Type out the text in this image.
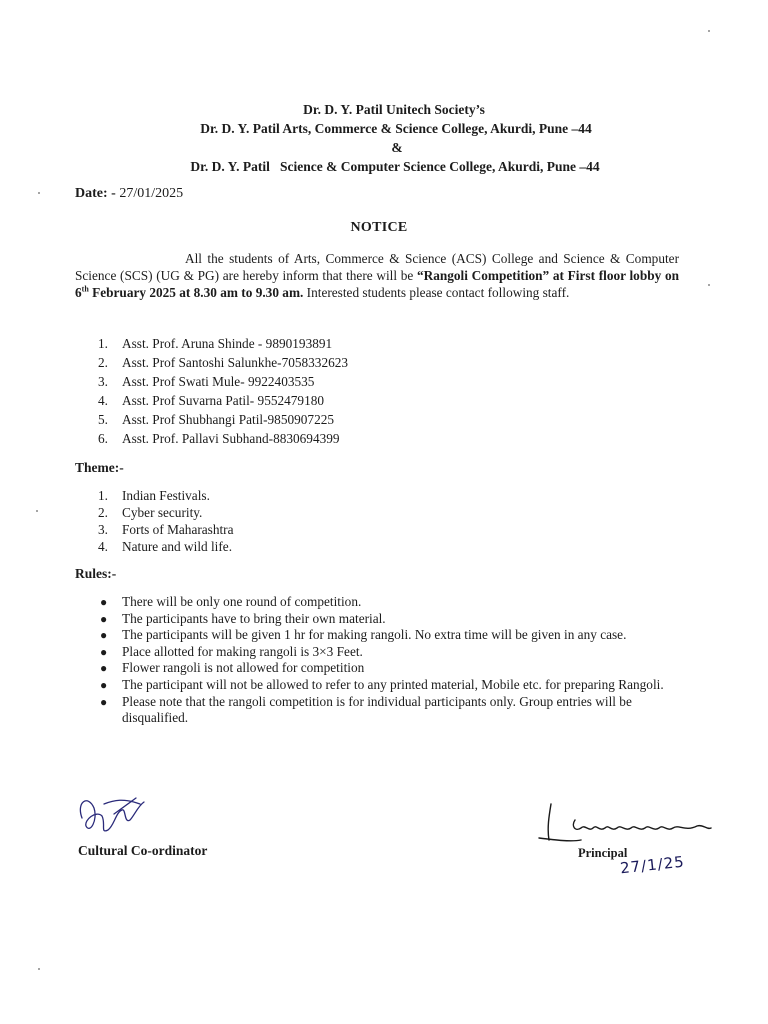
Dr. D. Y. Patil Unitech Society’s
Dr. D. Y. Patil Arts, Commerce & Science College, Akurdi, Pune –44
&
Dr. D. Y. Patil   Science & Computer Science College, Akurdi, Pune –44
Date: - 27/01/2025
NOTICE
All the students of Arts, Commerce & Science (ACS) College and Science & Computer Science (SCS) (UG & PG) are hereby inform that there will be “Rangoli Competition” at First floor lobby on 6th February 2025 at 8.30 am to 9.30 am. Interested students please contact following staff.
1. Asst. Prof. Aruna Shinde - 9890193891
2. Asst. Prof Santoshi Salunkhe-7058332623
3. Asst. Prof Swati Mule- 9922403535
4. Asst. Prof Suvarna Patil- 9552479180
5. Asst. Prof Shubhangi Patil-9850907225
6. Asst. Prof. Pallavi Subhand-8830694399
Theme:-
1. Indian Festivals.
2. Cyber security.
3. Forts of Maharashtra
4. Nature and wild life.
Rules:-
● There will be only one round of competition.
● The participants have to bring their own material.
● The participants will be given 1 hr for making rangoli. No extra time will be given in any case.
● Place allotted for making rangoli is 3×3 Feet.
● Flower rangoli is not allowed for competition
● The participant will not be allowed to refer to any printed material, Mobile etc. for preparing Rangoli.
● Please note that the rangoli competition is for individual participants only. Group entries will be disqualified.
Cultural Co-ordinator	Principal
27/1/25
